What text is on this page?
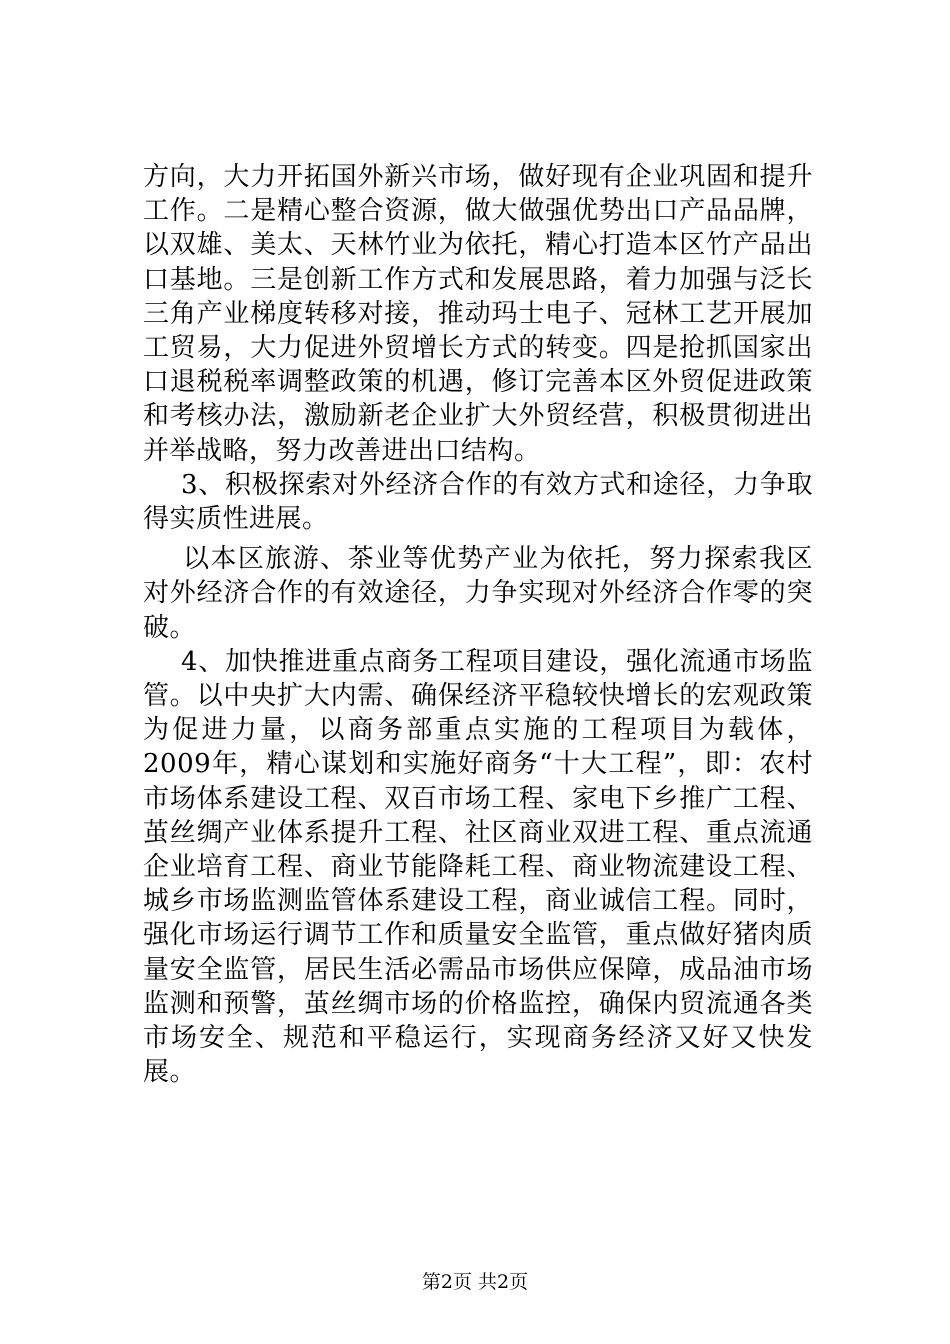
方向，大力开拓国外新兴市场，做好现有企业巩固和提升工作。二是精心整合资源，做大做强优势出口产品品牌，以双雄、美太、天林竹业为依托，精心打造本区竹产品出口基地。三是创新工作方式和发展思路，着力加强与泛长三角产业梯度转移对接，推动玛士电子、冠林工艺开展加工贸易，大力促进外贸增长方式的转变。四是抢抓国家出口退税税率调整政策的机遇，修订完善本区外贸促进政策和考核办法，激励新老企业扩大外贸经营，积极贯彻进出并举战略，努力改善进出口结构。

3、积极探索对外经济合作的有效方式和途径，力争取得实质性进展。

以本区旅游、茶业等优势产业为依托，努力探索我区对外经济合作的有效途径，力争实现对外经济合作零的突破。

4、加快推进重点商务工程项目建设，强化流通市场监管。以中央扩大内需、确保经济平稳较快增长的宏观政策为促进力量，以商务部重点实施的工程项目为载体，2009年，精心谋划和实施好商务“十大工程”，即：农村市场体系建设工程、双百市场工程、家电下乡推广工程、茧丝绸产业体系提升工程、社区商业双进工程、重点流通企业培育工程、商业节能降耗工程、商业物流建设工程、城乡市场监测监管体系建设工程，商业诚信工程。同时，强化市场运行调节工作和质量安全监管，重点做好猪肉质量安全监管，居民生活必需品市场供应保障，成品油市场监测和预警，茧丝绸市场的价格监控，确保内贸流通各类市场安全、规范和平稳运行，实现商务经济又好又快发展。

第2页 共2页
